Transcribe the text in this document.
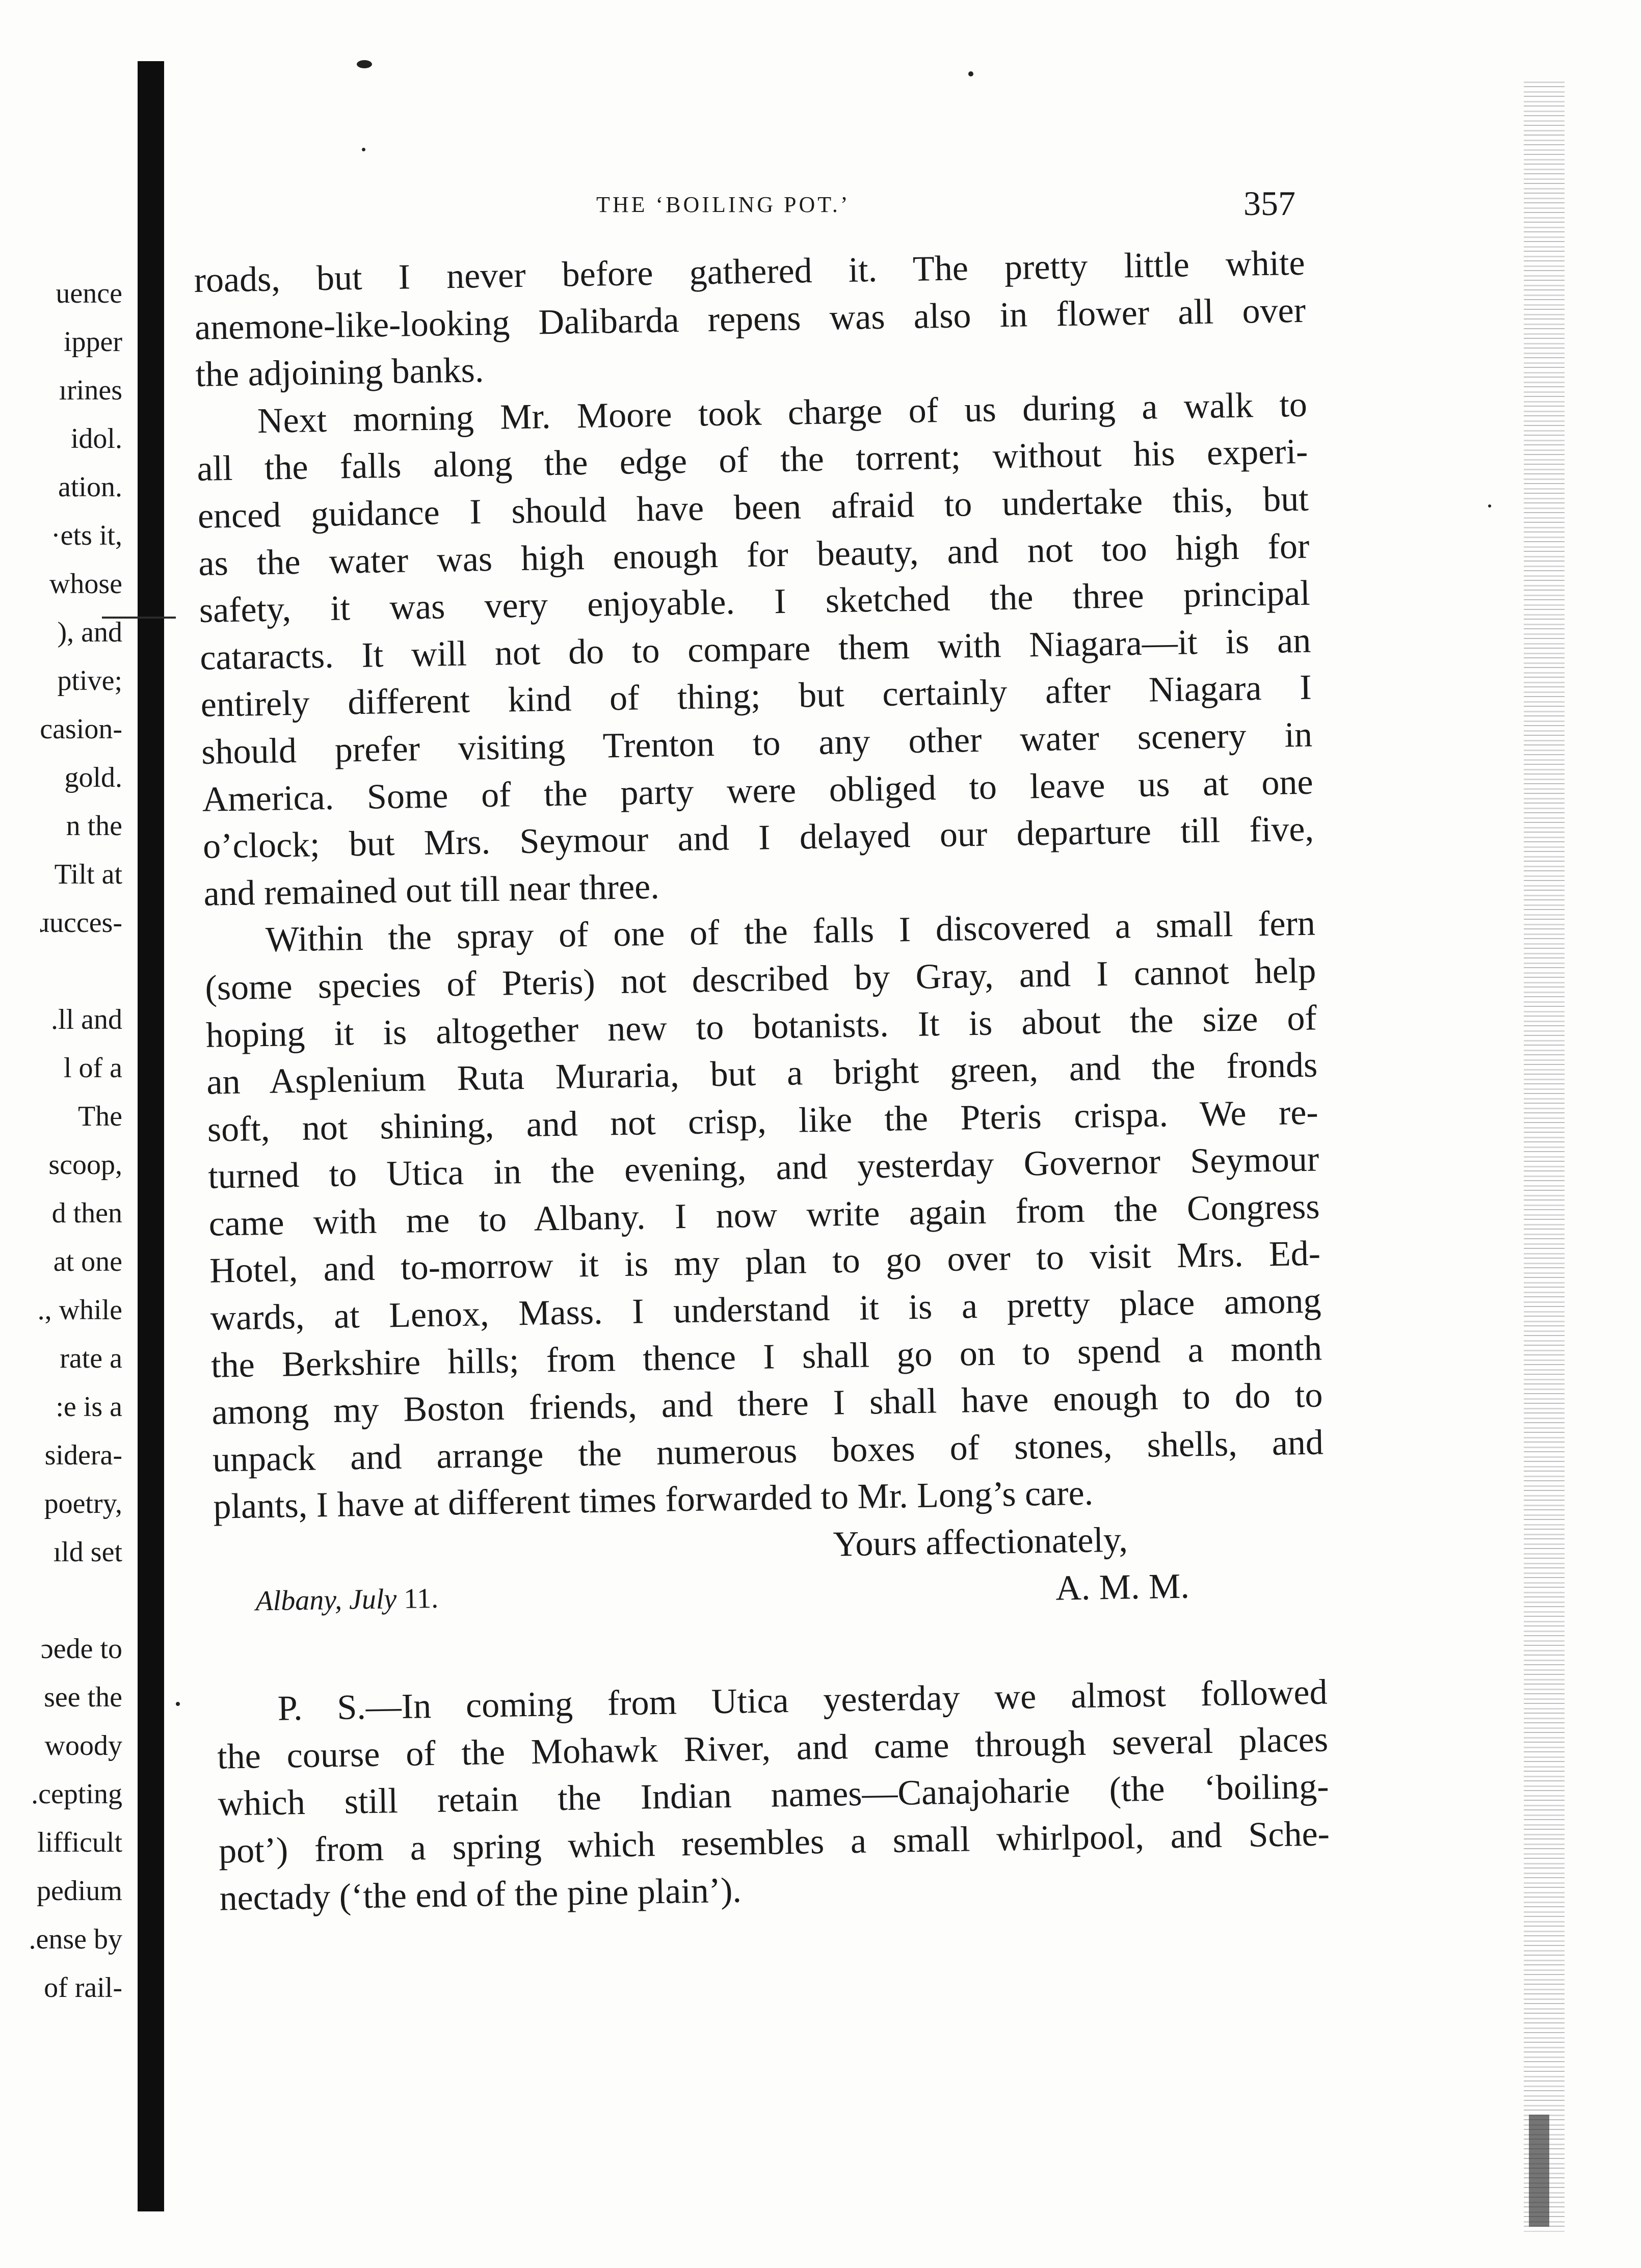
uence
ipper
ırines
idol.
ation.
·ets it,
whose
), and
ptive;
casion-
gold.
n the
Tilt at
ɹucces-
.ll and
l of a
The
scoop,
d then
at one
., while
rate a
:e is a
sidera-
poetry,
ıld set
ɔede to
see the
woody
.cepting
lifficult
pedium
.ense by
of rail-
THE ‘BOILING POT.’	357
roads, but I never before gathered it. The pretty little white
anemone-like-looking Dalibarda repens was also in flower all over
the adjoining banks.
Next morning Mr. Moore took charge of us during a walk to
all the falls along the edge of the torrent; without his experi-
enced guidance I should have been afraid to undertake this, but
as the water was high enough for beauty, and not too high for
safety, it was very enjoyable. I sketched the three principal
cataracts. It will not do to compare them with Niagara—it is an
entirely different kind of thing; but certainly after Niagara I
should prefer visiting Trenton to any other water scenery in
America. Some of the party were obliged to leave us at one
o’clock; but Mrs. Seymour and I delayed our departure till five,
and remained out till near three.
Within the spray of one of the falls I discovered a small fern
(some species of Pteris) not described by Gray, and I cannot help
hoping it is altogether new to botanists. It is about the size of
an Asplenium Ruta Muraria, but a bright green, and the fronds
soft, not shining, and not crisp, like the Pteris crispa. We re-
turned to Utica in the evening, and yesterday Governor Seymour
came with me to Albany. I now write again from the Congress
Hotel, and to-morrow it is my plan to go over to visit Mrs. Ed-
wards, at Lenox, Mass. I understand it is a pretty place among
the Berkshire hills; from thence I shall go on to spend a month
among my Boston friends, and there I shall have enough to do to
unpack and arrange the numerous boxes of stones, shells, and
plants, I have at different times forwarded to Mr. Long’s care.
Yours affectionately,
A. M. M.
Albany, July 11.
P. S.—In coming from Utica yesterday we almost followed
the course of the Mohawk River, and came through several places
which still retain the Indian names—Canajoharie (the ‘boiling-
pot’) from a spring which resembles a small whirlpool, and Sche-
nectady (‘the end of the pine plain’).
